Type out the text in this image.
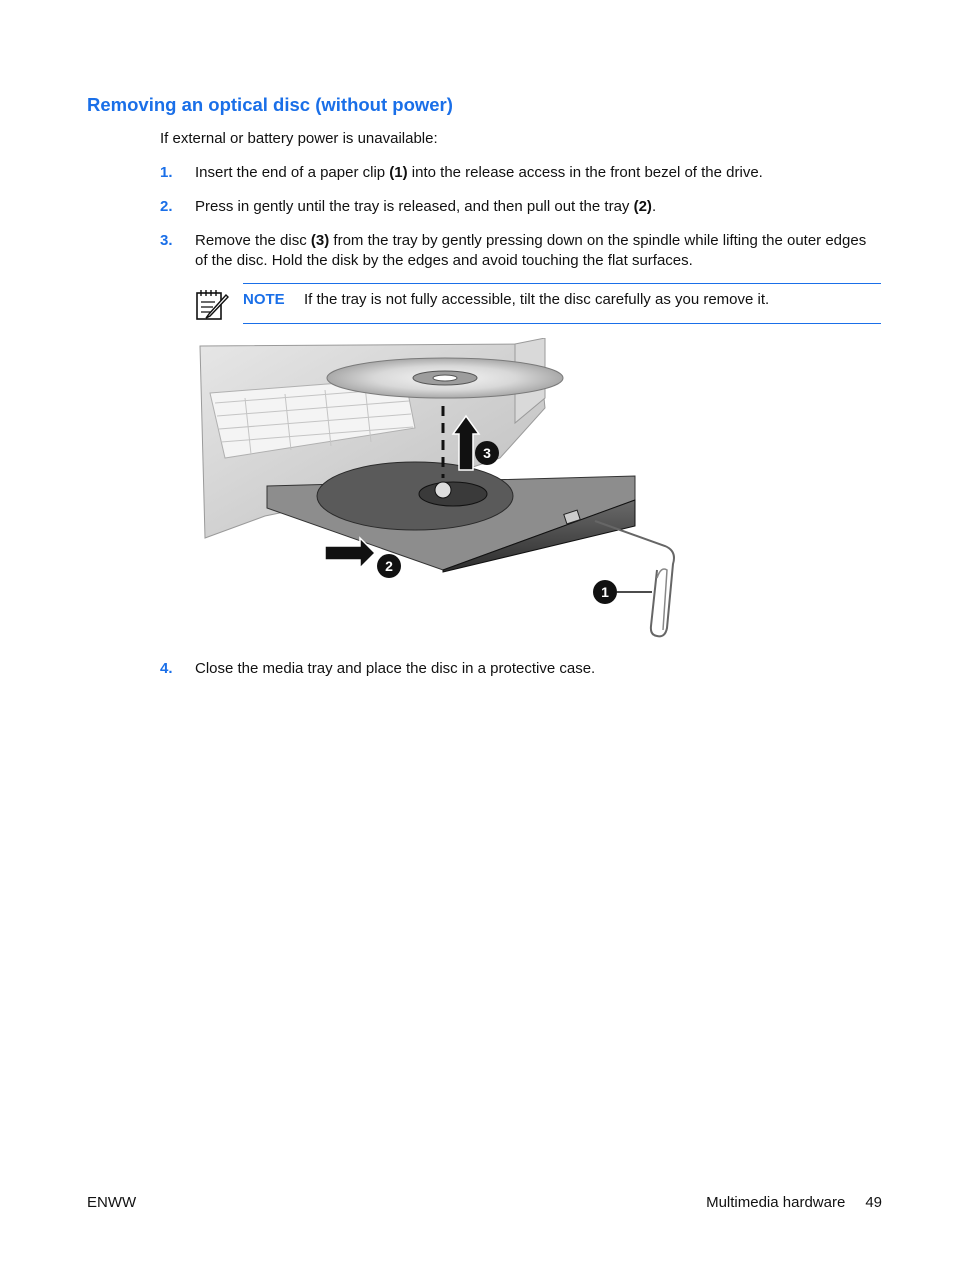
Removing an optical disc (without power)
If external or battery power is unavailable:
1. Insert the end of a paper clip (1) into the release access in the front bezel of the drive.
2. Press in gently until the tray is released, and then pull out the tray (2).
3. Remove the disc (3) from the tray by gently pressing down on the spindle while lifting the outer edges of the disc. Hold the disk by the edges and avoid touching the flat surfaces.
NOTE If the tray is not fully accessible, tilt the disc carefully as you remove it.
3
2
1
4. Close the media tray and place the disc in a protective case.
ENWW	Multimedia hardware 49
